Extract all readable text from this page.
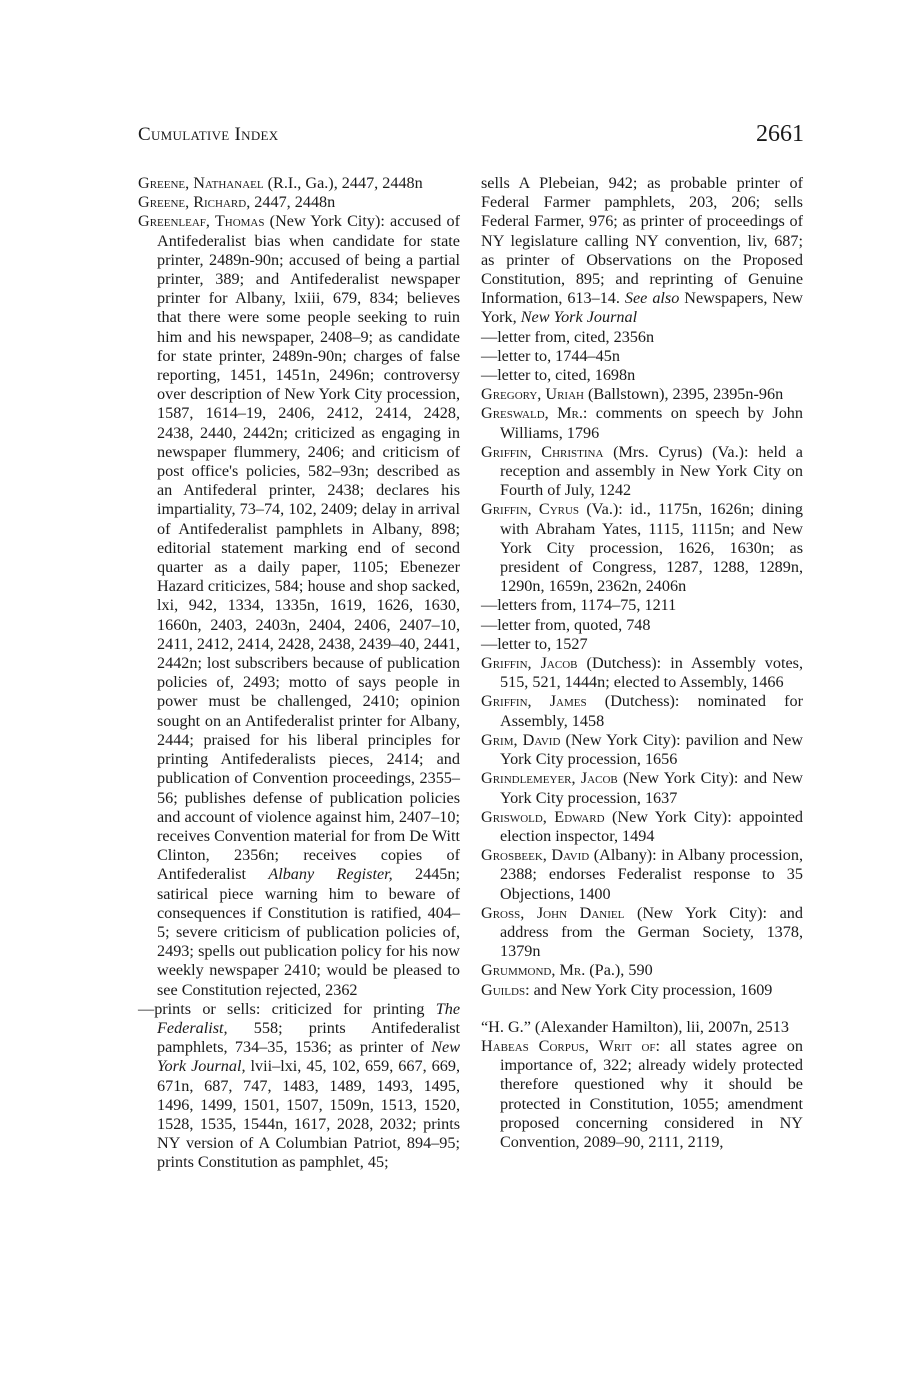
Cumulative Index	2661

Greene, Nathanael (R.I., Ga.), 2447, 2448n

Greene, Richard, 2447, 2448n

Greenleaf, Thomas (New York City): accused of Antifederalist bias when candidate for state printer, 2489n-90n; accused of being a partial printer, 389; and Antifederalist newspaper printer for Albany, lxiii, 679, 834; believes that there were some people seeking to ruin him and his newspaper, 2408–9; as candidate for state printer, 2489n-90n; charges of false reporting, 1451, 1451n, 2496n; controversy over description of New York City procession, 1587, 1614–19, 2406, 2412, 2414, 2428, 2438, 2440, 2442n; criticized as engaging in newspaper flummery, 2406; and criticism of post office's policies, 582–93n; described as an Antifederal printer, 2438; declares his impartiality, 73–74, 102, 2409; delay in arrival of Antifederalist pamphlets in Albany, 898; editorial statement marking end of second quarter as a daily paper, 1105; Ebenezer Hazard criticizes, 584; house and shop sacked, lxi, 942, 1334, 1335n, 1619, 1626, 1630, 1660n, 2403, 2403n, 2404, 2406, 2407–10, 2411, 2412, 2414, 2428, 2438, 2439–40, 2441, 2442n; lost subscribers because of publication policies of, 2493; motto of says people in power must be challenged, 2410; opinion sought on an Antifederalist printer for Albany, 2444; praised for his liberal principles for printing Antifederalists pieces, 2414; and publication of Convention proceedings, 2355–56; publishes defense of publication policies and account of violence against him, 2407–10; receives Convention material for from De Witt Clinton, 2356n; receives copies of Antifederalist Albany Register, 2445n; satirical piece warning him to beware of consequences if Constitution is ratified, 404–5; severe criticism of publication policies of, 2493; spells out publication policy for his now weekly newspaper 2410; would be pleased to see Constitution rejected, 2362

—prints or sells: criticized for printing The Federalist, 558; prints Antifederalist pamphlets, 734–35, 1536; as printer of New York Journal, lvii–lxi, 45, 102, 659, 667, 669, 671n, 687, 747, 1483, 1489, 1493, 1495, 1496, 1499, 1501, 1507, 1509n, 1513, 1520, 1528, 1535, 1544n, 1617, 2028, 2032; prints NY version of A Columbian Patriot, 894–95; prints Constitution as pamphlet, 45;

sells A Plebeian, 942; as probable printer of Federal Farmer pamphlets, 203, 206; sells Federal Farmer, 976; as printer of proceedings of NY legislature calling NY convention, liv, 687; as printer of Observations on the Proposed Constitution, 895; and reprinting of Genuine Information, 613–14. See also Newspapers, New York, New York Journal

—letter from, cited, 2356n

—letter to, 1744–45n

—letter to, cited, 1698n

Gregory, Uriah (Ballstown), 2395, 2395n-96n

Greswald, Mr.: comments on speech by John Williams, 1796

Griffin, Christina (Mrs. Cyrus) (Va.): held a reception and assembly in New York City on Fourth of July, 1242

Griffin, Cyrus (Va.): id., 1175n, 1626n; dining with Abraham Yates, 1115, 1115n; and New York City procession, 1626, 1630n; as president of Congress, 1287, 1288, 1289n, 1290n, 1659n, 2362n, 2406n

—letters from, 1174–75, 1211

—letter from, quoted, 748

—letter to, 1527

Griffin, Jacob (Dutchess): in Assembly votes, 515, 521, 1444n; elected to Assembly, 1466

Griffin, James (Dutchess): nominated for Assembly, 1458

Grim, David (New York City): pavilion and New York City procession, 1656

Grindlemeyer, Jacob (New York City): and New York City procession, 1637

Griswold, Edward (New York City): appointed election inspector, 1494

Grosbeek, David (Albany): in Albany procession, 2388; endorses Federalist response to 35 Objections, 1400

Gross, John Daniel (New York City): and address from the German Society, 1378, 1379n

Grummond, Mr. (Pa.), 590

Guilds: and New York City procession, 1609

“H. G.” (Alexander Hamilton), lii, 2007n, 2513

Habeas Corpus, Writ of: all states agree on importance of, 322; already widely protected therefore questioned why it should be protected in Constitution, 1055; amendment proposed concerning considered in NY Convention, 2089–90, 2111, 2119,
